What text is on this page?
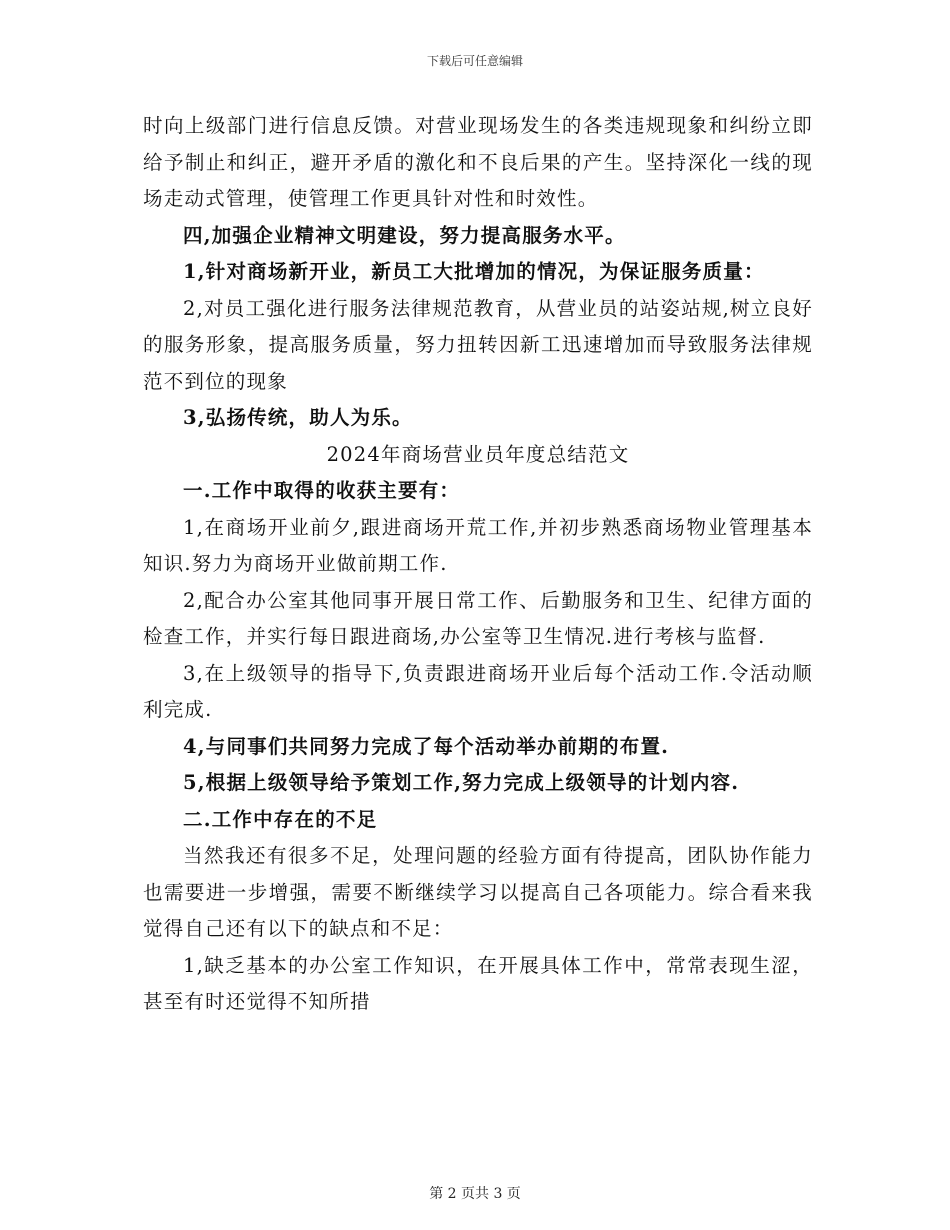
下载后可任意编辑

时向上级部门进行信息反馈。对营业现场发生的各类违规现象和纠纷立即给予制止和纠正，避开矛盾的激化和不良后果的产生。坚持深化一线的现场走动式管理，使管理工作更具针对性和时效性。

四,加强企业精神文明建设，努力提高服务水平。

1,针对商场新开业，新员工大批增加的情况，为保证服务质量：

2,对员工强化进行服务法律规范教育，从营业员的站姿站规,树立良好的服务形象，提高服务质量，努力扭转因新工迅速增加而导致服务法律规范不到位的现象

3,弘扬传统，助人为乐。

2024年商场营业员年度总结范文

一.工作中取得的收获主要有：

1,在商场开业前夕,跟进商场开荒工作,并初步熟悉商场物业管理基本知识.努力为商场开业做前期工作.

2,配合办公室其他同事开展日常工作、后勤服务和卫生、纪律方面的检查工作，并实行每日跟进商场,办公室等卫生情况.进行考核与监督.

3,在上级领导的指导下,负责跟进商场开业后每个活动工作.令活动顺利完成.

4,与同事们共同努力完成了每个活动举办前期的布置.

5,根据上级领导给予策划工作,努力完成上级领导的计划内容.

二.工作中存在的不足

当然我还有很多不足，处理问题的经验方面有待提高，团队协作能力也需要进一步增强，需要不断继续学习以提高自己各项能力。综合看来我觉得自己还有以下的缺点和不足：

1,缺乏基本的办公室工作知识，在开展具体工作中，常常表现生涩，甚至有时还觉得不知所措

第 2 页共 3 页
